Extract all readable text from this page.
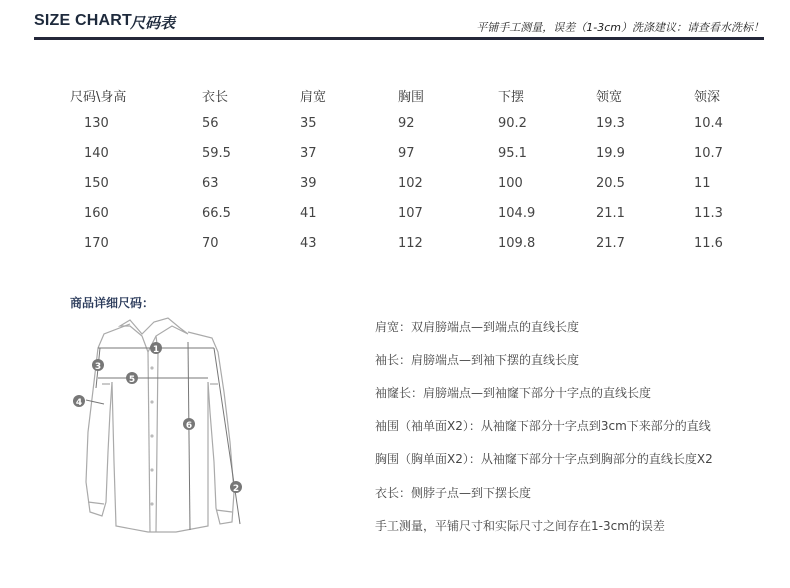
SIZE CHART
尺码表	平铺手工测量，误差（1-3cm）洗涤建议：请查看水洗标！
尺码\身高	衣长	肩宽	胸围	下摆	领宽	领深
130	56	35	92	90.2	19.3	10.4
140	59.5	37	97	95.1	19.9	10.7
150	63	39	102	100	20.5	11
160	66.5	41	107	104.9	21.1	11.3
170	70	43	112	109.8	21.7	11.6
商品详细尺码：
1
2
3
4
5
6
肩宽：双肩膀端点—到端点的直线长度
袖长：肩膀端点—到袖下摆的直线长度
袖窿长：肩膀端点—到袖窿下部分十字点的直线长度
袖围（袖单面X2）：从袖窿下部分十字点到3cm下来部分的直线
胸围（胸单面X2）：从袖窿下部分十字点到胸部分的直线长度X2
衣长：侧脖子点—到下摆长度
手工测量，平铺尺寸和实际尺寸之间存在1-3cm的误差
